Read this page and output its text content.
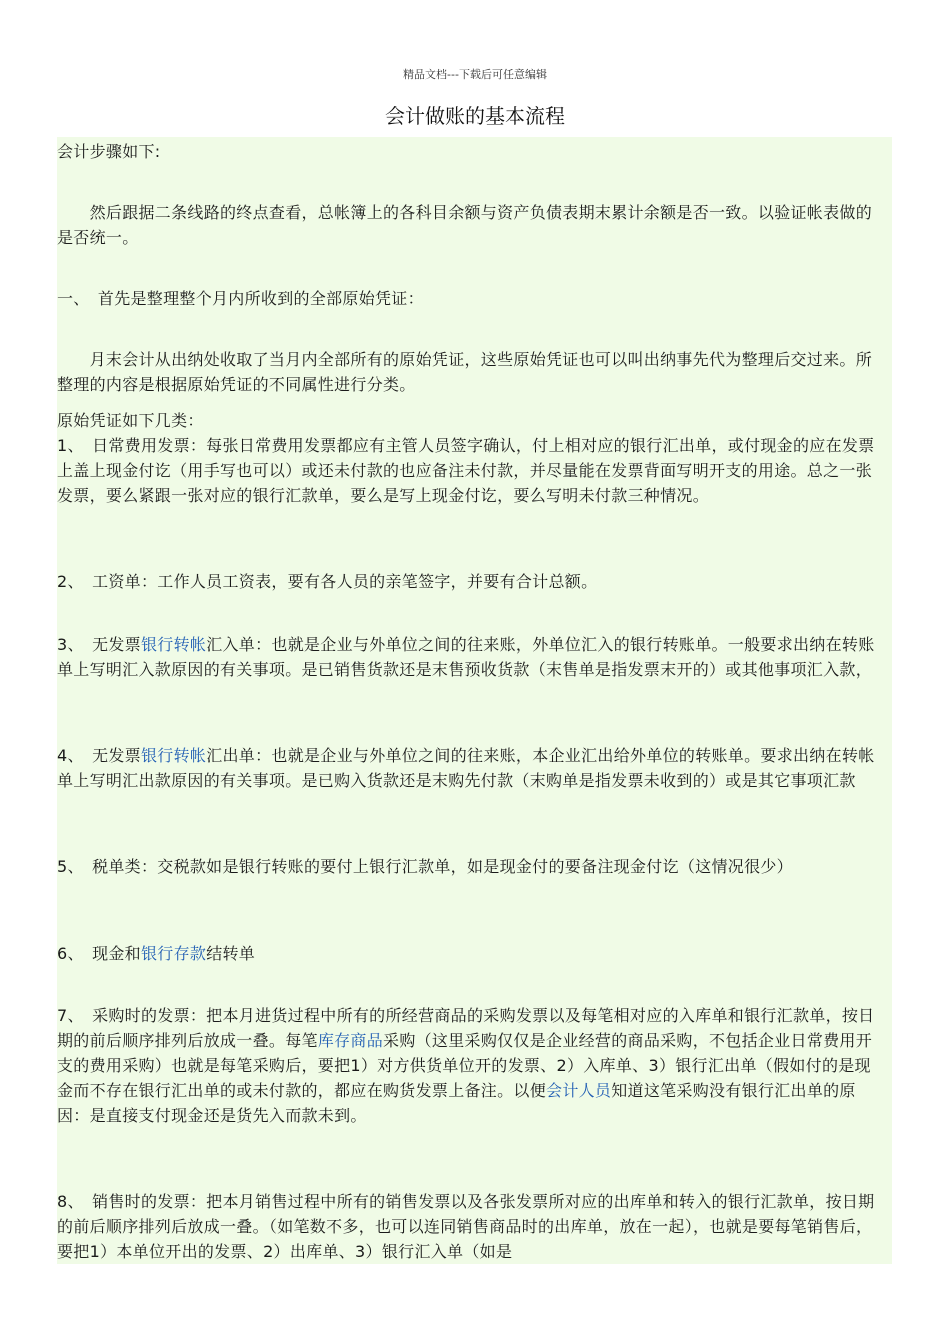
精品文档---下载后可任意编辑
会计做账的基本流程

会计步骤如下:

　　然后跟据二条线路的终点查看，总帐簿上的各科目余额与资产负债表期末累计余额是否一致。以验证帐表做的是否统一。

一、　首先是整理整个月内所收到的全部原始凭证：

　　月末会计从出纳处收取了当月内全部所有的原始凭证，这些原始凭证也可以叫出纳事先代为整理后交过来。所整理的内容是根据原始凭证的不同属性进行分类。

原始凭证如下几类：

1、　日常费用发票：每张日常费用发票都应有主管人员签字确认，付上相对应的银行汇出单，或付现金的应在发票上盖上现金付讫（用手写也可以）或还未付款的也应备注未付款，并尽量能在发票背面写明开支的用途。总之一张发票，要么紧跟一张对应的银行汇款单，要么是写上现金付讫，要么写明未付款三种情况。

2、　工资单：工作人员工资表，要有各人员的亲笔签字，并要有合计总额。

3、　无发票银行转帐汇入单：也就是企业与外单位之间的往来账，外单位汇入的银行转账单。一般要求出纳在转账单上写明汇入款原因的有关事项。是已销售货款还是末售预收货款（末售单是指发票末开的）或其他事项汇入款，

4、　无发票银行转帐汇出单：也就是企业与外单位之间的往来账，本企业汇出给外单位的转账单。要求出纳在转帐单上写明汇出款原因的有关事项。是已购入货款还是末购先付款（末购单是指发票未收到的）或是其它事项汇款

5、　税单类：交税款如是银行转账的要付上银行汇款单，如是现金付的要备注现金付讫（这情况很少）

6、　现金和银行存款结转单

7、　采购时的发票：把本月进货过程中所有的所经营商品的采购发票以及每笔相对应的入库单和银行汇款单，按日期的前后顺序排列后放成一叠。每笔库存商品采购（这里采购仅仅是企业经营的商品采购，不包括企业日常费用开支的费用采购）也就是每笔采购后，要把1）对方供货单位开的发票、2）入库单、3）银行汇出单（假如付的是现金而不存在银行汇出单的或未付款的，都应在购货发票上备注。以便会计人员知道这笔采购没有银行汇出单的原因：是直接支付现金还是货先入而款未到。

8、　销售时的发票：把本月销售过程中所有的销售发票以及各张发票所对应的出库单和转入的银行汇款单，按日期的前后顺序排列后放成一叠。（如笔数不多，也可以连同销售商品时的出库单，放在一起），也就是要每笔销售后，要把1）本单位开出的发票、2）出库单、3）银行汇入单（如是
